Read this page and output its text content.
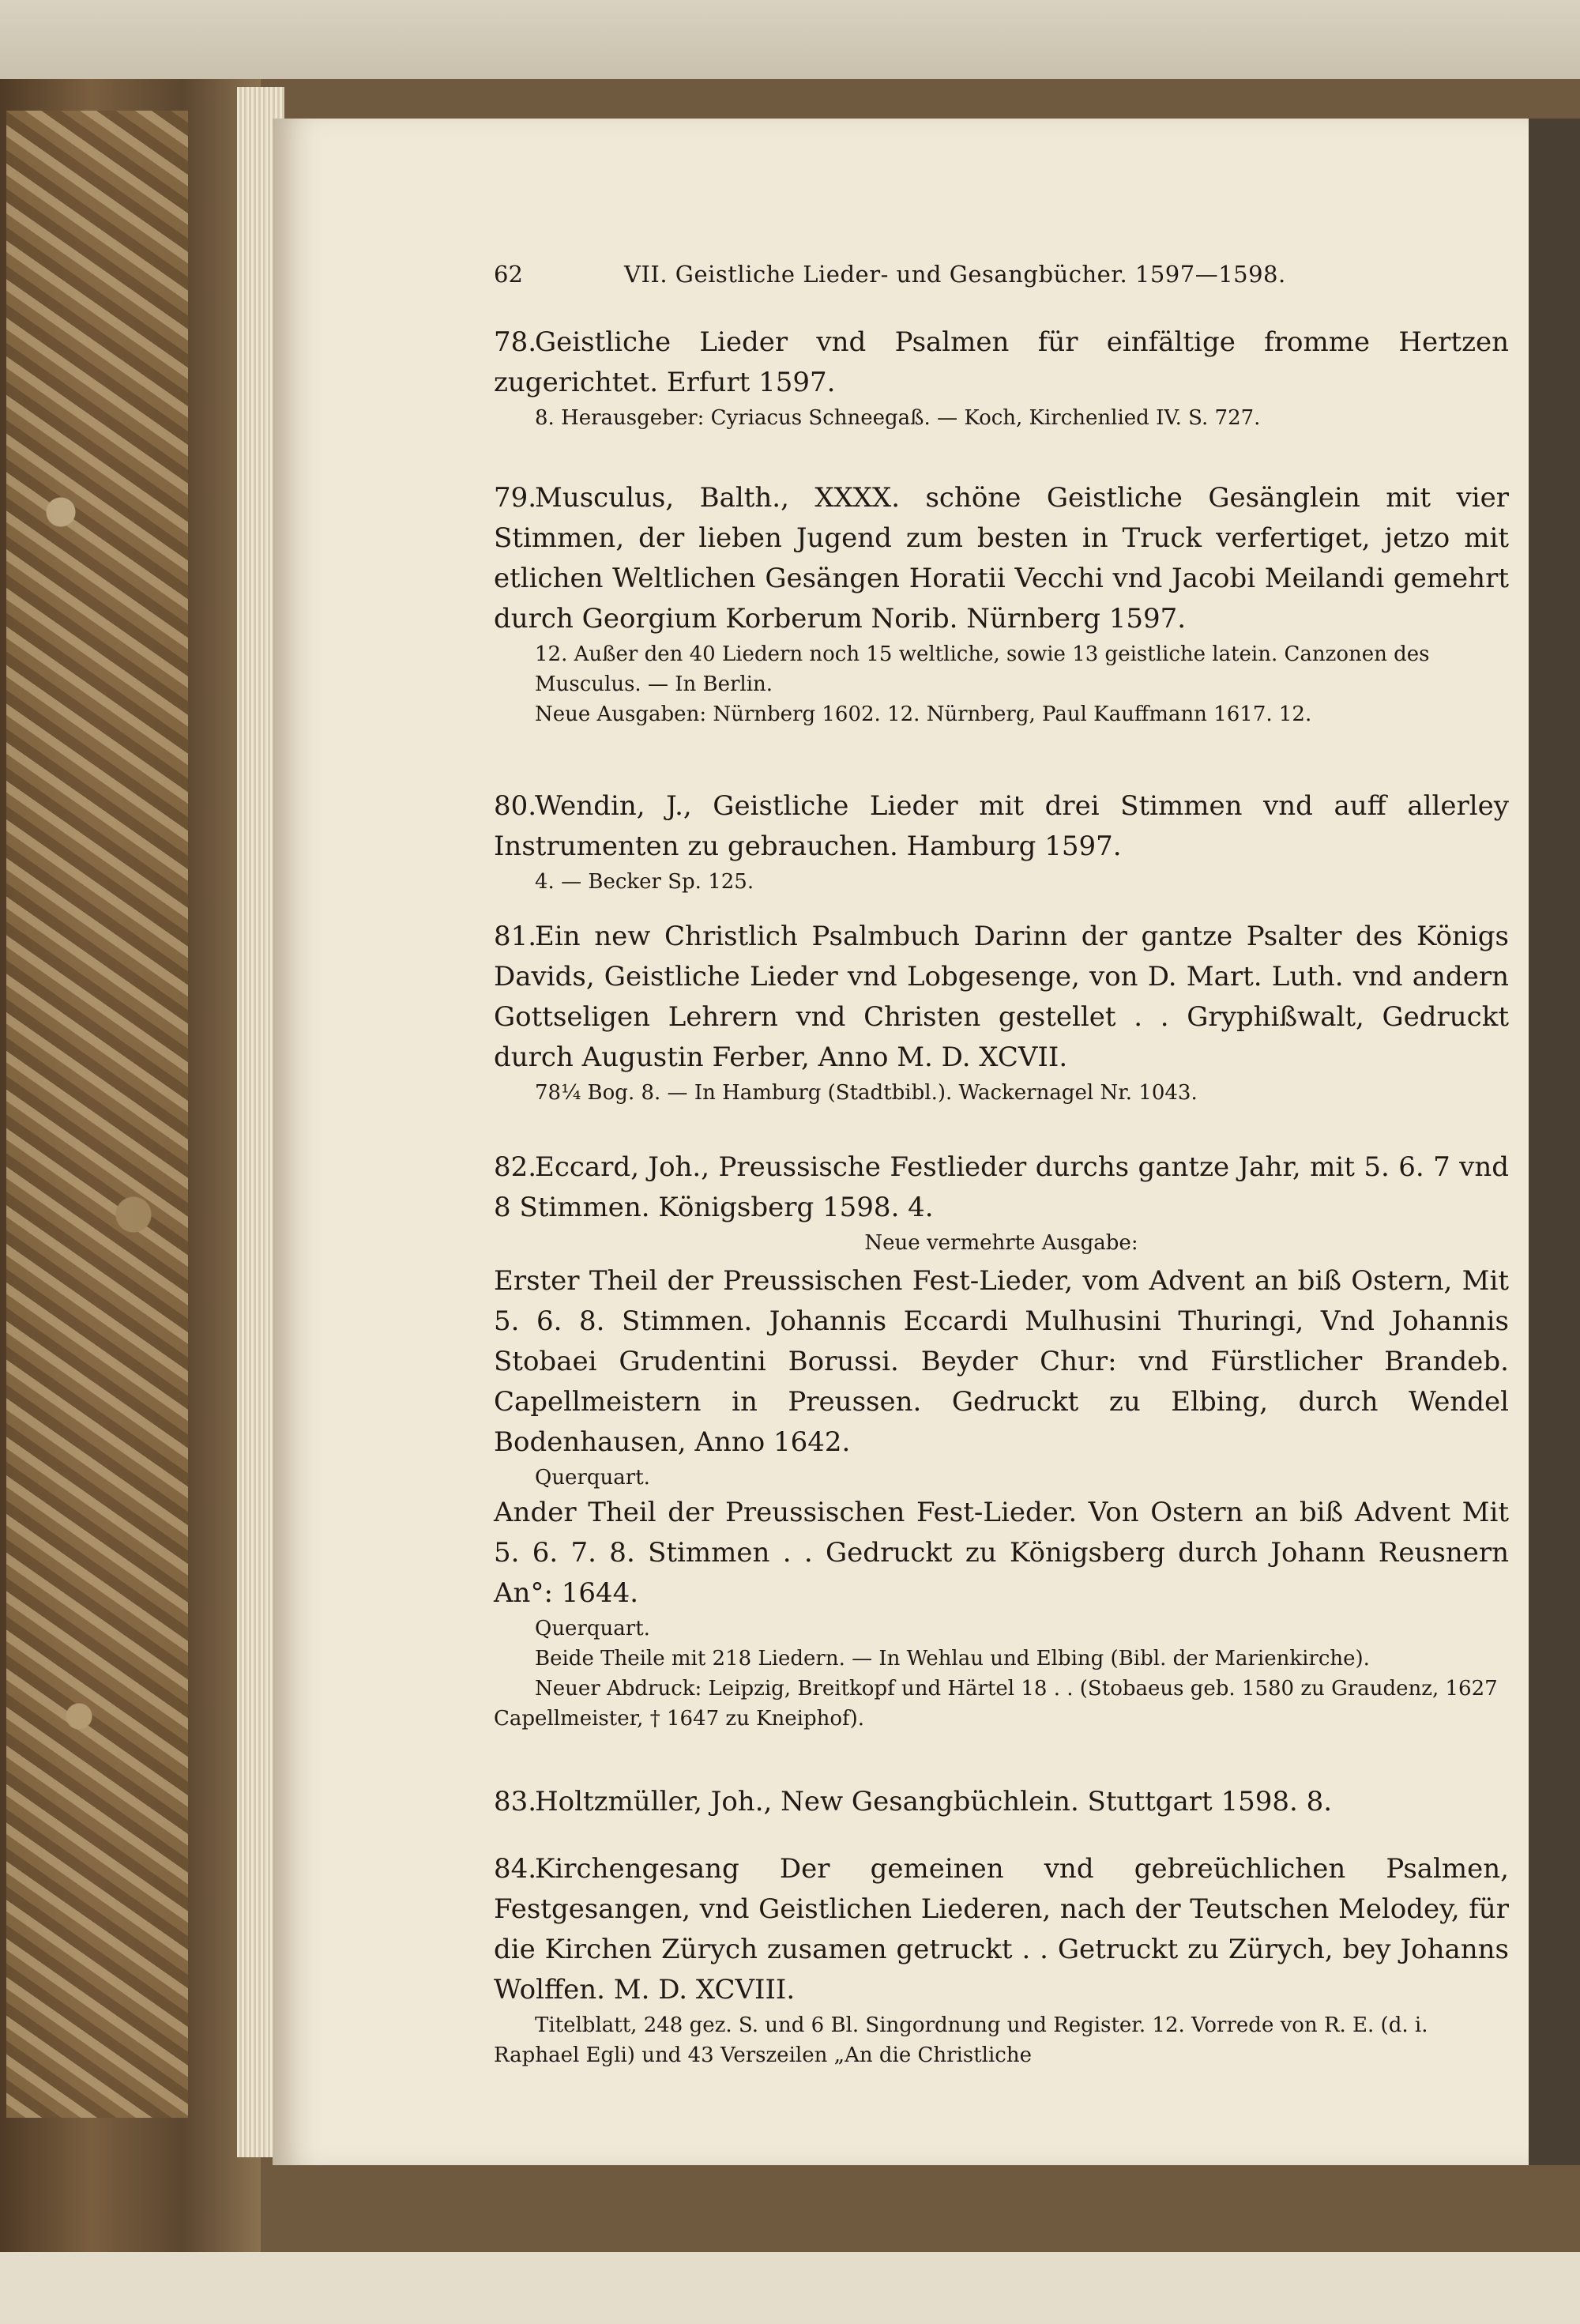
62	VII. Geistliche Lieder- und Gesangbücher. 1597—1598.

78.Geistliche Lieder vnd Psalmen für einfältige fromme Hertzen zugerichtet. Erfurt 1597.

8. Herausgeber: Cyriacus Schneegaß. — Koch, Kirchenlied IV. S. 727.

79.Musculus, Balth., XXXX. schöne Geistliche Gesänglein mit vier Stimmen, der lieben Jugend zum besten in Truck verfertiget, jetzo mit etlichen Weltlichen Gesängen Horatii Vecchi vnd Jacobi Meilandi gemehrt durch Georgium Korberum Norib. Nürnberg 1597.

12. Außer den 40 Liedern noch 15 weltliche, sowie 13 geistliche latein. Canzonen des Musculus. — In Berlin.

Neue Ausgaben: Nürnberg 1602. 12. Nürnberg, Paul Kauffmann 1617. 12.

80.Wendin, J., Geistliche Lieder mit drei Stimmen vnd auff allerley Instrumenten zu gebrauchen. Hamburg 1597.

4. — Becker Sp. 125.

81.Ein new Christlich Psalmbuch Darinn der gantze Psalter des Königs Davids, Geistliche Lieder vnd Lobgesenge, von D. Mart. Luth. vnd andern Gottseligen Lehrern vnd Christen gestellet . . Gryphißwalt, Gedruckt durch Augustin Ferber, Anno M. D. XCVII.

78¼ Bog. 8. — In Hamburg (Stadtbibl.). Wackernagel Nr. 1043.

82.Eccard, Joh., Preussische Festlieder durchs gantze Jahr, mit 5. 6. 7 vnd 8 Stimmen. Königsberg 1598. 4.

Neue vermehrte Ausgabe:

Erster Theil der Preussischen Fest-Lieder, vom Advent an biß Ostern, Mit 5. 6. 8. Stimmen. Johannis Eccardi Mulhusini Thuringi, Vnd Johannis Stobaei Grudentini Borussi. Beyder Chur: vnd Fürstlicher Brandeb. Capellmeistern in Preussen. Gedruckt zu Elbing, durch Wendel Bodenhausen, Anno 1642.

Querquart.

Ander Theil der Preussischen Fest-Lieder. Von Ostern an biß Advent Mit 5. 6. 7. 8. Stimmen . . Gedruckt zu Königsberg durch Johann Reusnern An°: 1644.

Querquart.

Beide Theile mit 218 Liedern. — In Wehlau und Elbing (Bibl. der Marienkirche).

Neuer Abdruck: Leipzig, Breitkopf und Härtel 18 . . (Stobaeus geb. 1580 zu Graudenz, 1627 Capellmeister, † 1647 zu Kneiphof).

83.Holtzmüller, Joh., New Gesangbüchlein. Stuttgart 1598. 8.

84.Kirchengesang Der gemeinen vnd gebreüchlichen Psalmen, Festgesangen, vnd Geistlichen Liederen, nach der Teutschen Melodey, für die Kirchen Zürych zusamen getruckt . . Getruckt zu Zürych, bey Johanns Wolffen. M. D. XCVIII.

Titelblatt, 248 gez. S. und 6 Bl. Singordnung und Register. 12. Vorrede von R. E. (d. i. Raphael Egli) und 43 Verszeilen „An die Christliche
